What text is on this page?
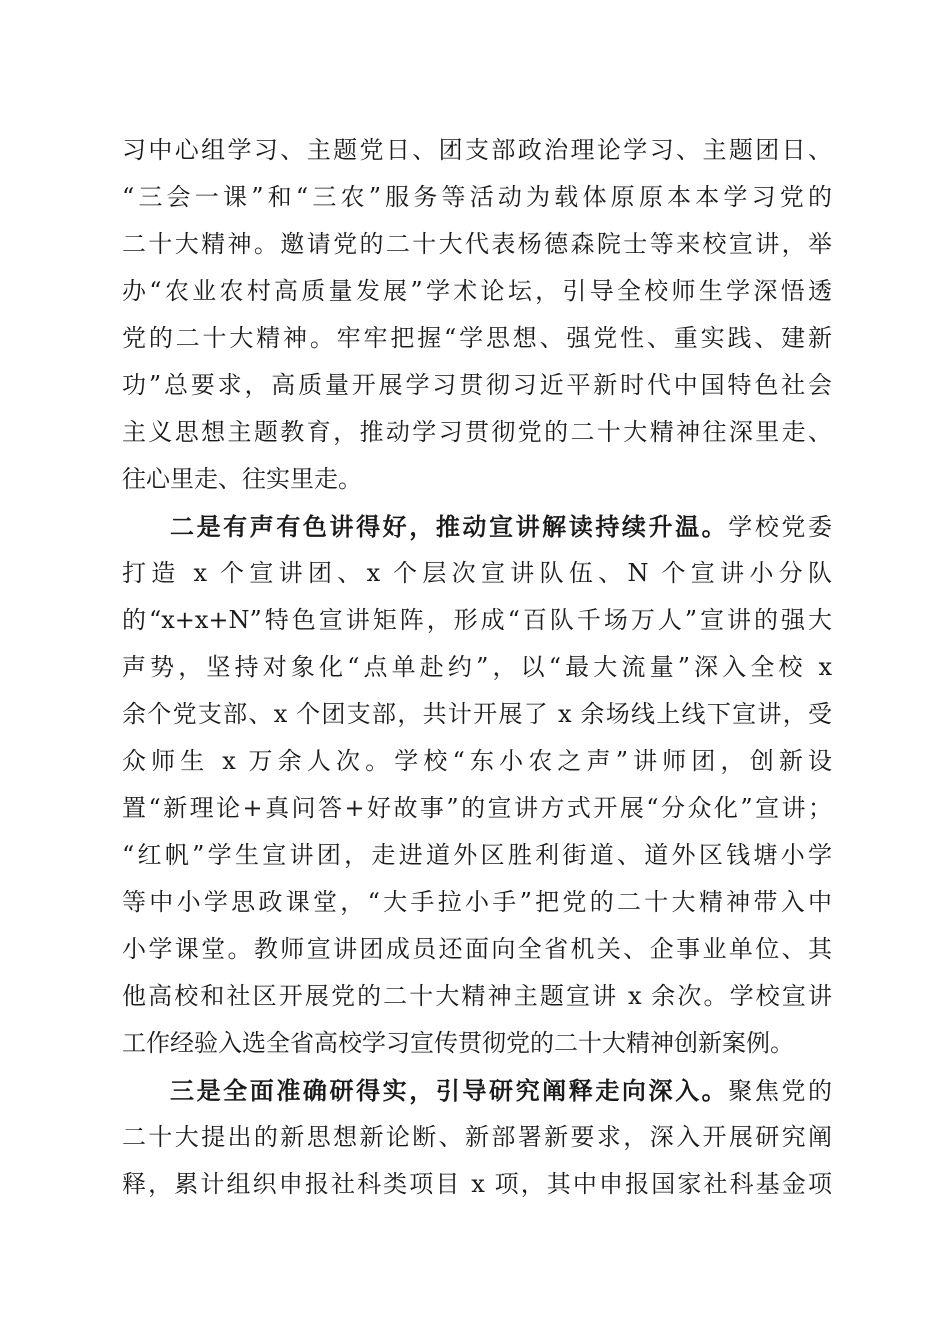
习中心组学习、主题党日、团支部政治理论学习、主题团日、
“三会一课”和“三农”服务等活动为载体原原本本学习党的
二十大精神。邀请党的二十大代表杨德森院士等来校宣讲，举
办“农业农村高质量发展”学术论坛，引导全校师生学深悟透
党的二十大精神。牢牢把握“学思想、强党性、重实践、建新
功”总要求，高质量开展学习贯彻习近平新时代中国特色社会
主义思想主题教育，推动学习贯彻党的二十大精神往深里走、
往心里走、往实里走。
二是有声有色讲得好，推动宣讲解读持续升温。学校党委
打造 x 个宣讲团、x 个层次宣讲队伍、N 个宣讲小分队
的“x+x+N”特色宣讲矩阵，形成“百队千场万人”宣讲的强大
声势，坚持对象化“点单赴约”，以“最大流量”深入全校 x
余个党支部、x 个团支部，共计开展了 x 余场线上线下宣讲，受
众师生 x 万余人次。学校“东小农之声”讲师团，创新设
置“新理论+真问答+好故事”的宣讲方式开展“分众化”宣讲；
“红帆”学生宣讲团，走进道外区胜利街道、道外区钱塘小学
等中小学思政课堂，“大手拉小手”把党的二十大精神带入中
小学课堂。教师宣讲团成员还面向全省机关、企事业单位、其
他高校和社区开展党的二十大精神主题宣讲 x 余次。学校宣讲
工作经验入选全省高校学习宣传贯彻党的二十大精神创新案例。
三是全面准确研得实，引导研究阐释走向深入。聚焦党的
二十大提出的新思想新论断、新部署新要求，深入开展研究阐
释，累计组织申报社科类项目 x 项，其中申报国家社科基金项
